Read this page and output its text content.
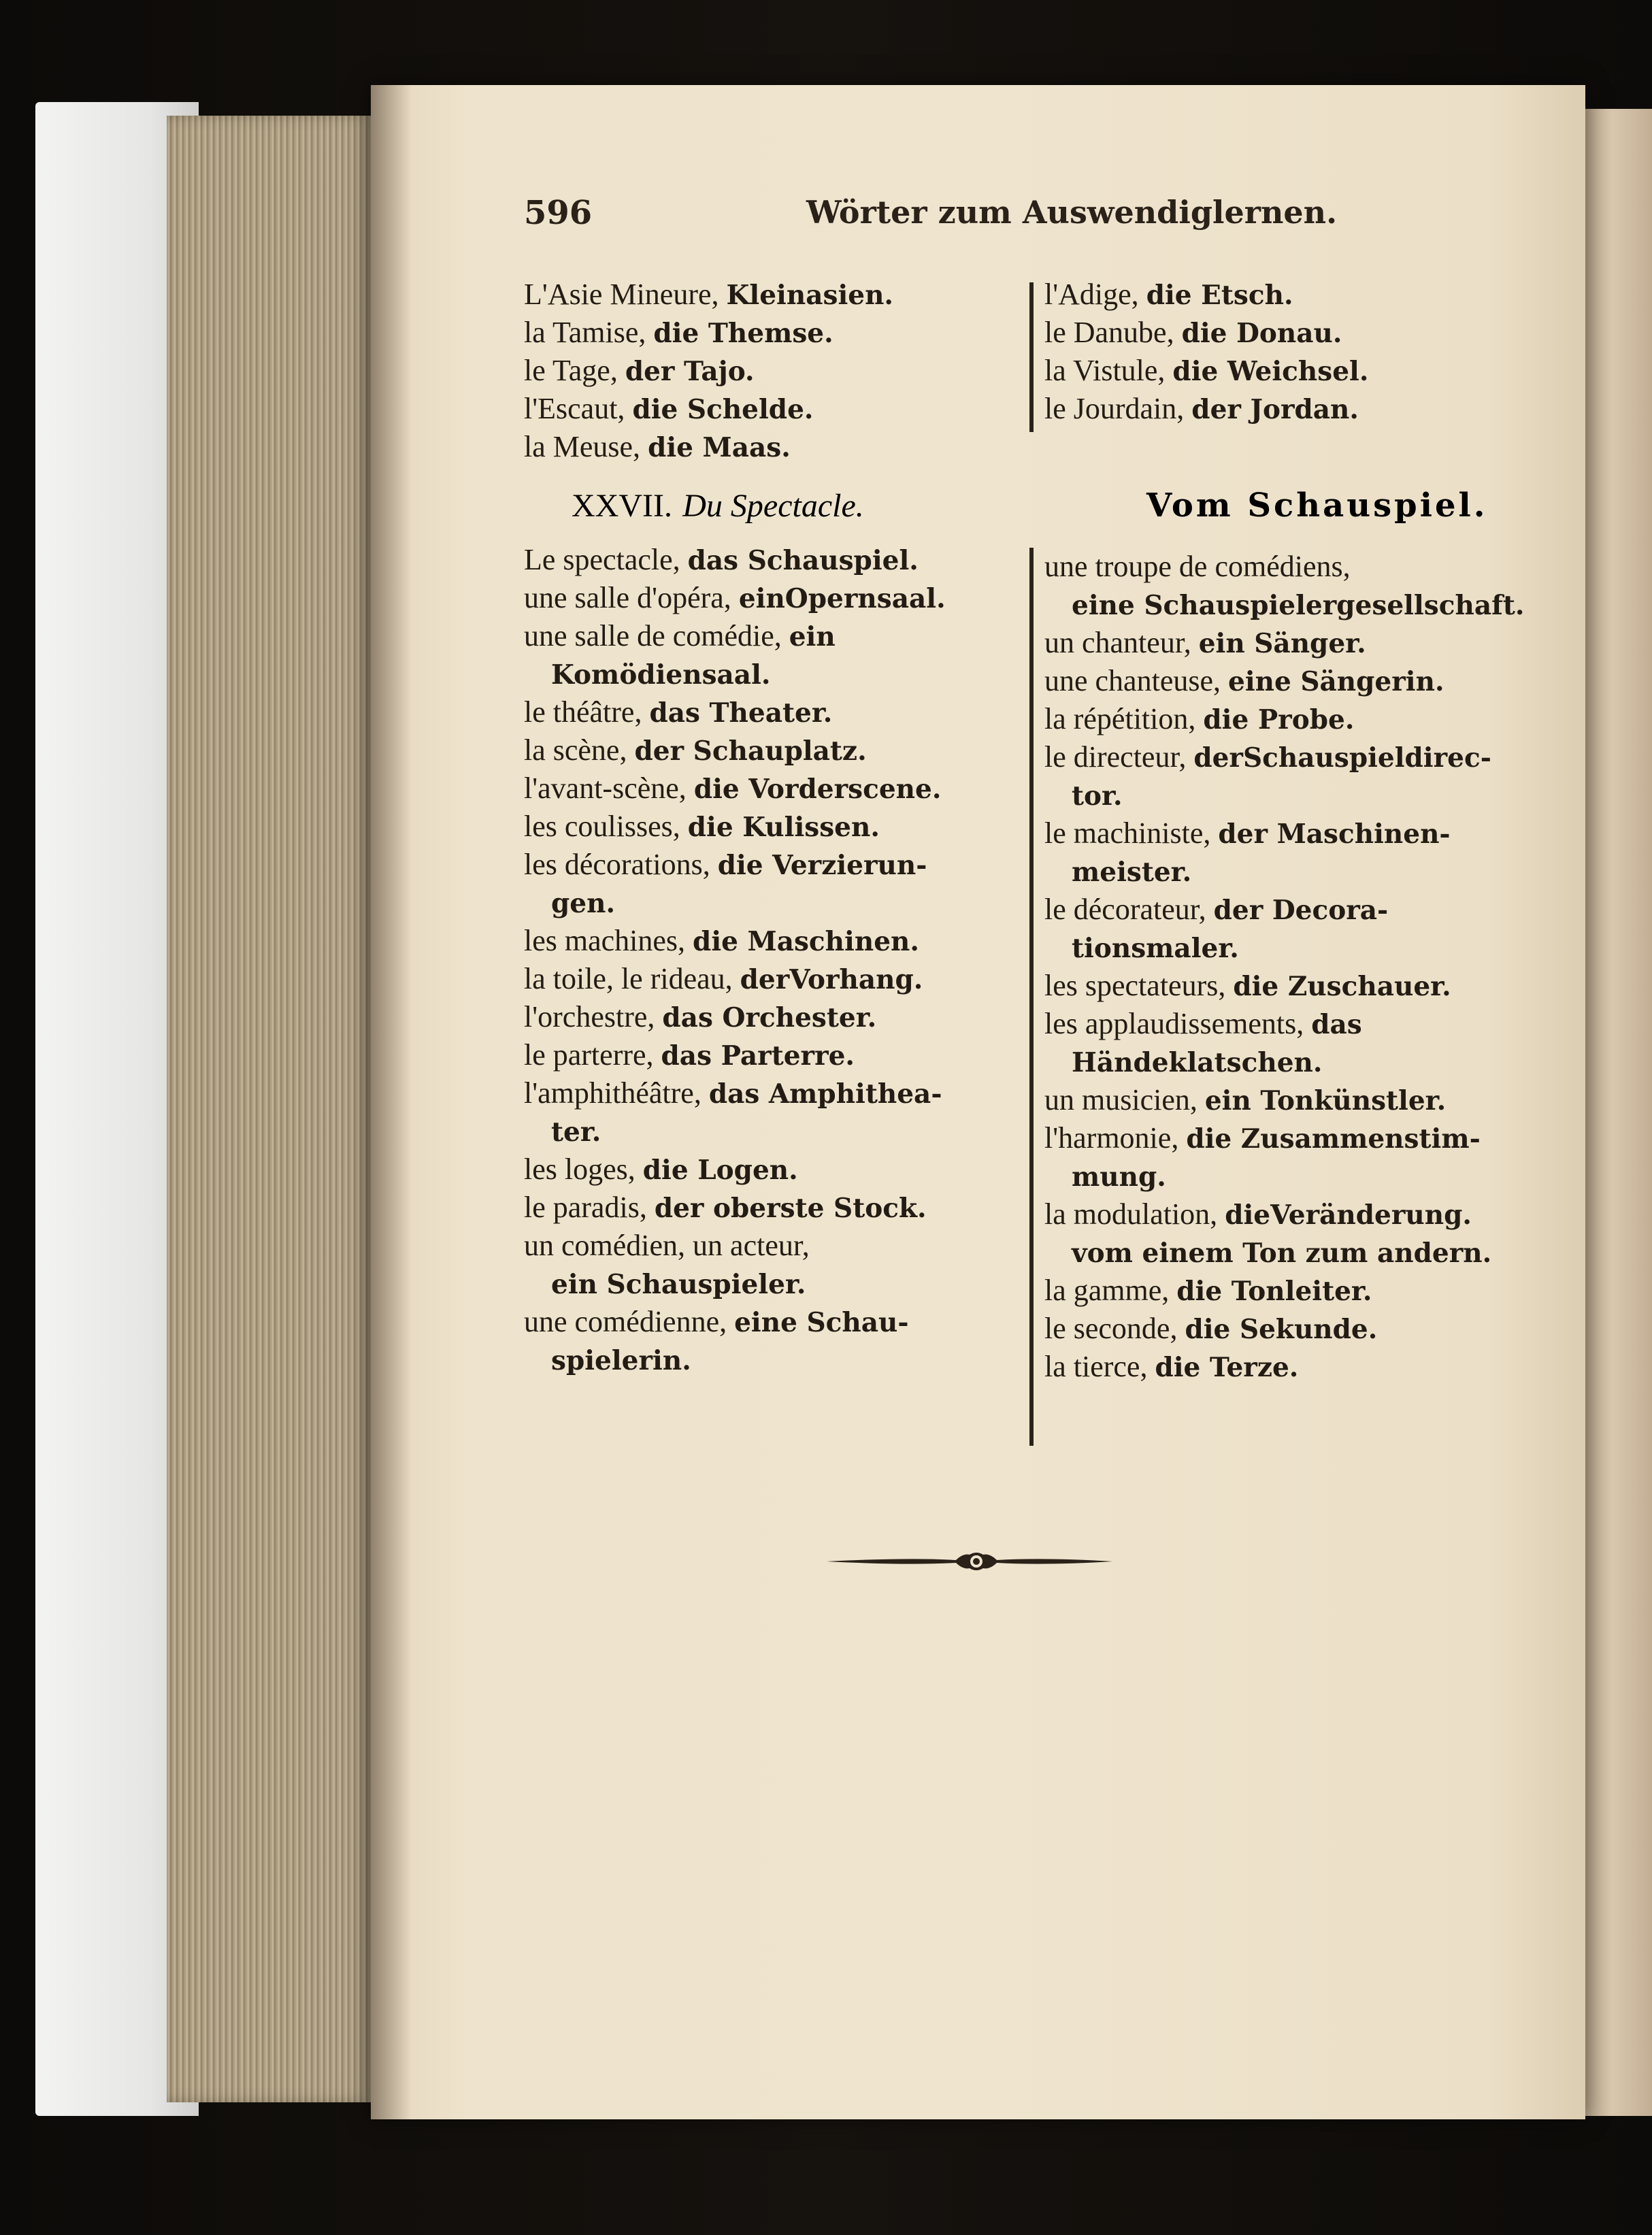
596	Wörter zum Auswendiglernen.
L'Asie Mineure, Kleinasien.
la Tamise, die Themse.
le Tage, der Tajo.
l'Escaut, die Schelde.
la Meuse, die Maas.
l'Adige, die Etsch.
le Danube, die Donau.
la Vistule, die Weichsel.
le Jourdain, der Jordan.
XXVII. Du Spectacle.	Vom Schauspiel.
Le spectacle, das Schauspiel.
une salle d'opéra, einOpernsaal.
une salle de comédie, ein
Komödiensaal.
le théâtre, das Theater.
la scène, der Schauplatz.
l'avant-scène, die Vorderscene.
les coulisses, die Kulissen.
les décorations, die Verzierun-
gen.
les machines, die Maschinen.
la toile, le rideau, derVorhang.
l'orchestre, das Orchester.
le parterre, das Parterre.
l'amphithéâtre, das Amphithea-
ter.
les loges, die Logen.
le paradis, der oberste Stock.
un comédien, un acteur,
ein Schauspieler.
une comédienne, eine Schau-
spielerin.
une troupe de comédiens,
eine Schauspielergesellschaft.
un chanteur, ein Sänger.
une chanteuse, eine Sängerin.
la répétition, die Probe.
le directeur, derSchauspieldirec-
tor.
le machiniste, der Maschinen-
meister.
le décorateur, der Decora-
tionsmaler.
les spectateurs, die Zuschauer.
les applaudissements, das
Händeklatschen.
un musicien, ein Tonkünstler.
l'harmonie, die Zusammenstim-
mung.
la modulation, dieVeränderung.
vom einem Ton zum andern.
la gamme, die Tonleiter.
le seconde, die Sekunde.
la tierce, die Terze.
